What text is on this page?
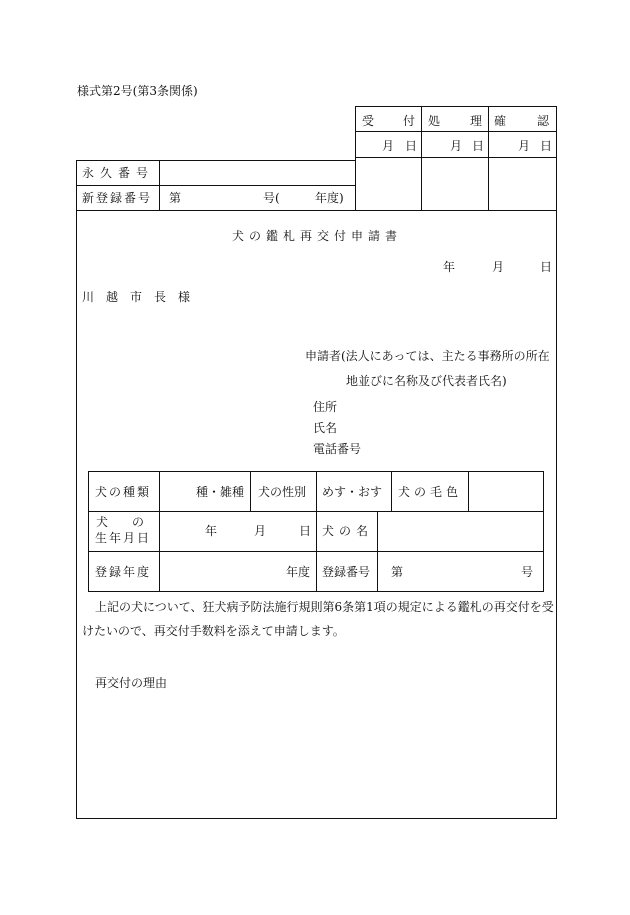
様式第2号(第3条関係)
受 付 処 理 確	認
月 日	月 日	月 日
永久番号
新登録番号 第	号(	年度)
犬の鑑札再交付申請書
年	月	日
川越市長様
申請者(法人にあっては、主たる事務所の所在
地並びに名称及び代表者氏名)
住所
氏名
電話番号
犬の種類	種・雑種 犬の性別 めす・おす 犬の毛色
犬　　の
生年月日	年	月	日 犬の名
登録年度	年度 登録番号 第	号
上記の犬について、狂犬病予防法施行規則第6条第1項の規定による鑑札の再交付を受
けたいので、再交付手数料を添えて申請します。
再交付の理由
